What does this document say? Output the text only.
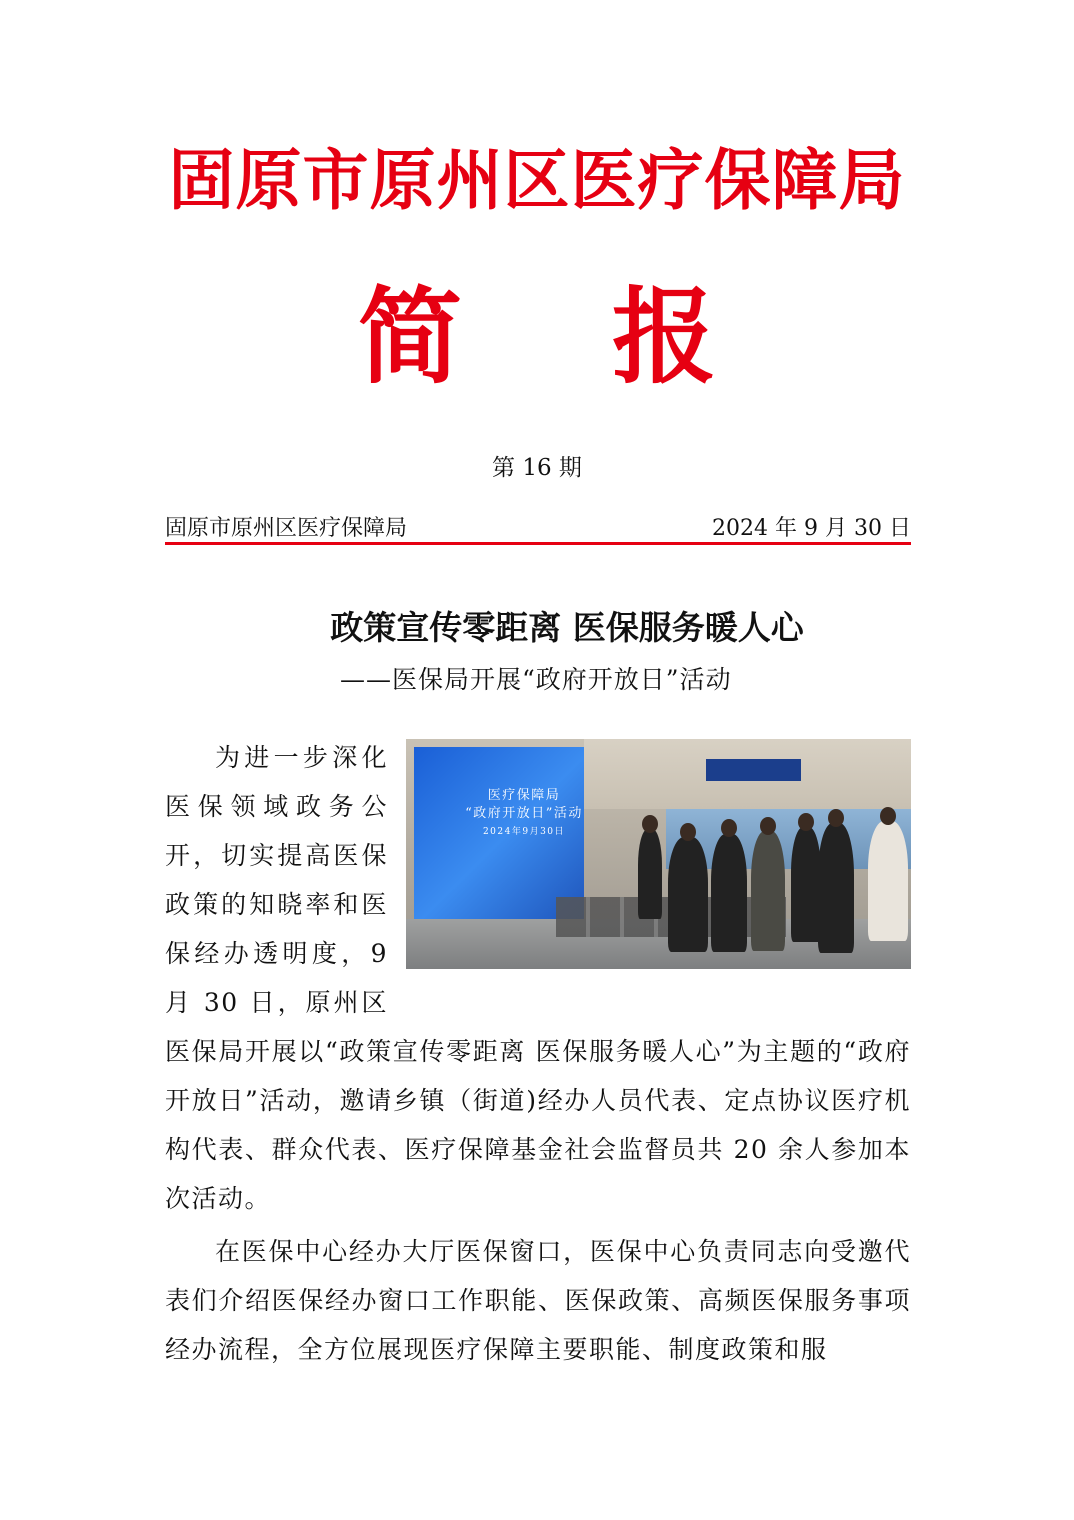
固原市原州区医疗保障局
简 报
第 16 期
固原市原州区医疗保障局	2024 年 9 月 30 日
政策宣传零距离 医保服务暖人心
——医保局开展“政府开放日”活动

医疗保障局
“政府开放日”活动
2024年9月30日
为进一步深化医保领域政务公开，切实提高医保政策的知晓率和医保经办透明度，9 月 30 日，原州区医保局开展以“政策宣传零距离 医保服务暖人心”为主题的“政府开放日”活动，邀请乡镇（街道)经办人员代表、定点协议医疗机构代表、群众代表、医疗保障基金社会监督员共 20 余人参加本次活动。

在医保中心经办大厅医保窗口，医保中心负责同志向受邀代表们介绍医保经办窗口工作职能、医保政策、高频医保服务事项经办流程，全方位展现医疗保障主要职能、制度政策和服
